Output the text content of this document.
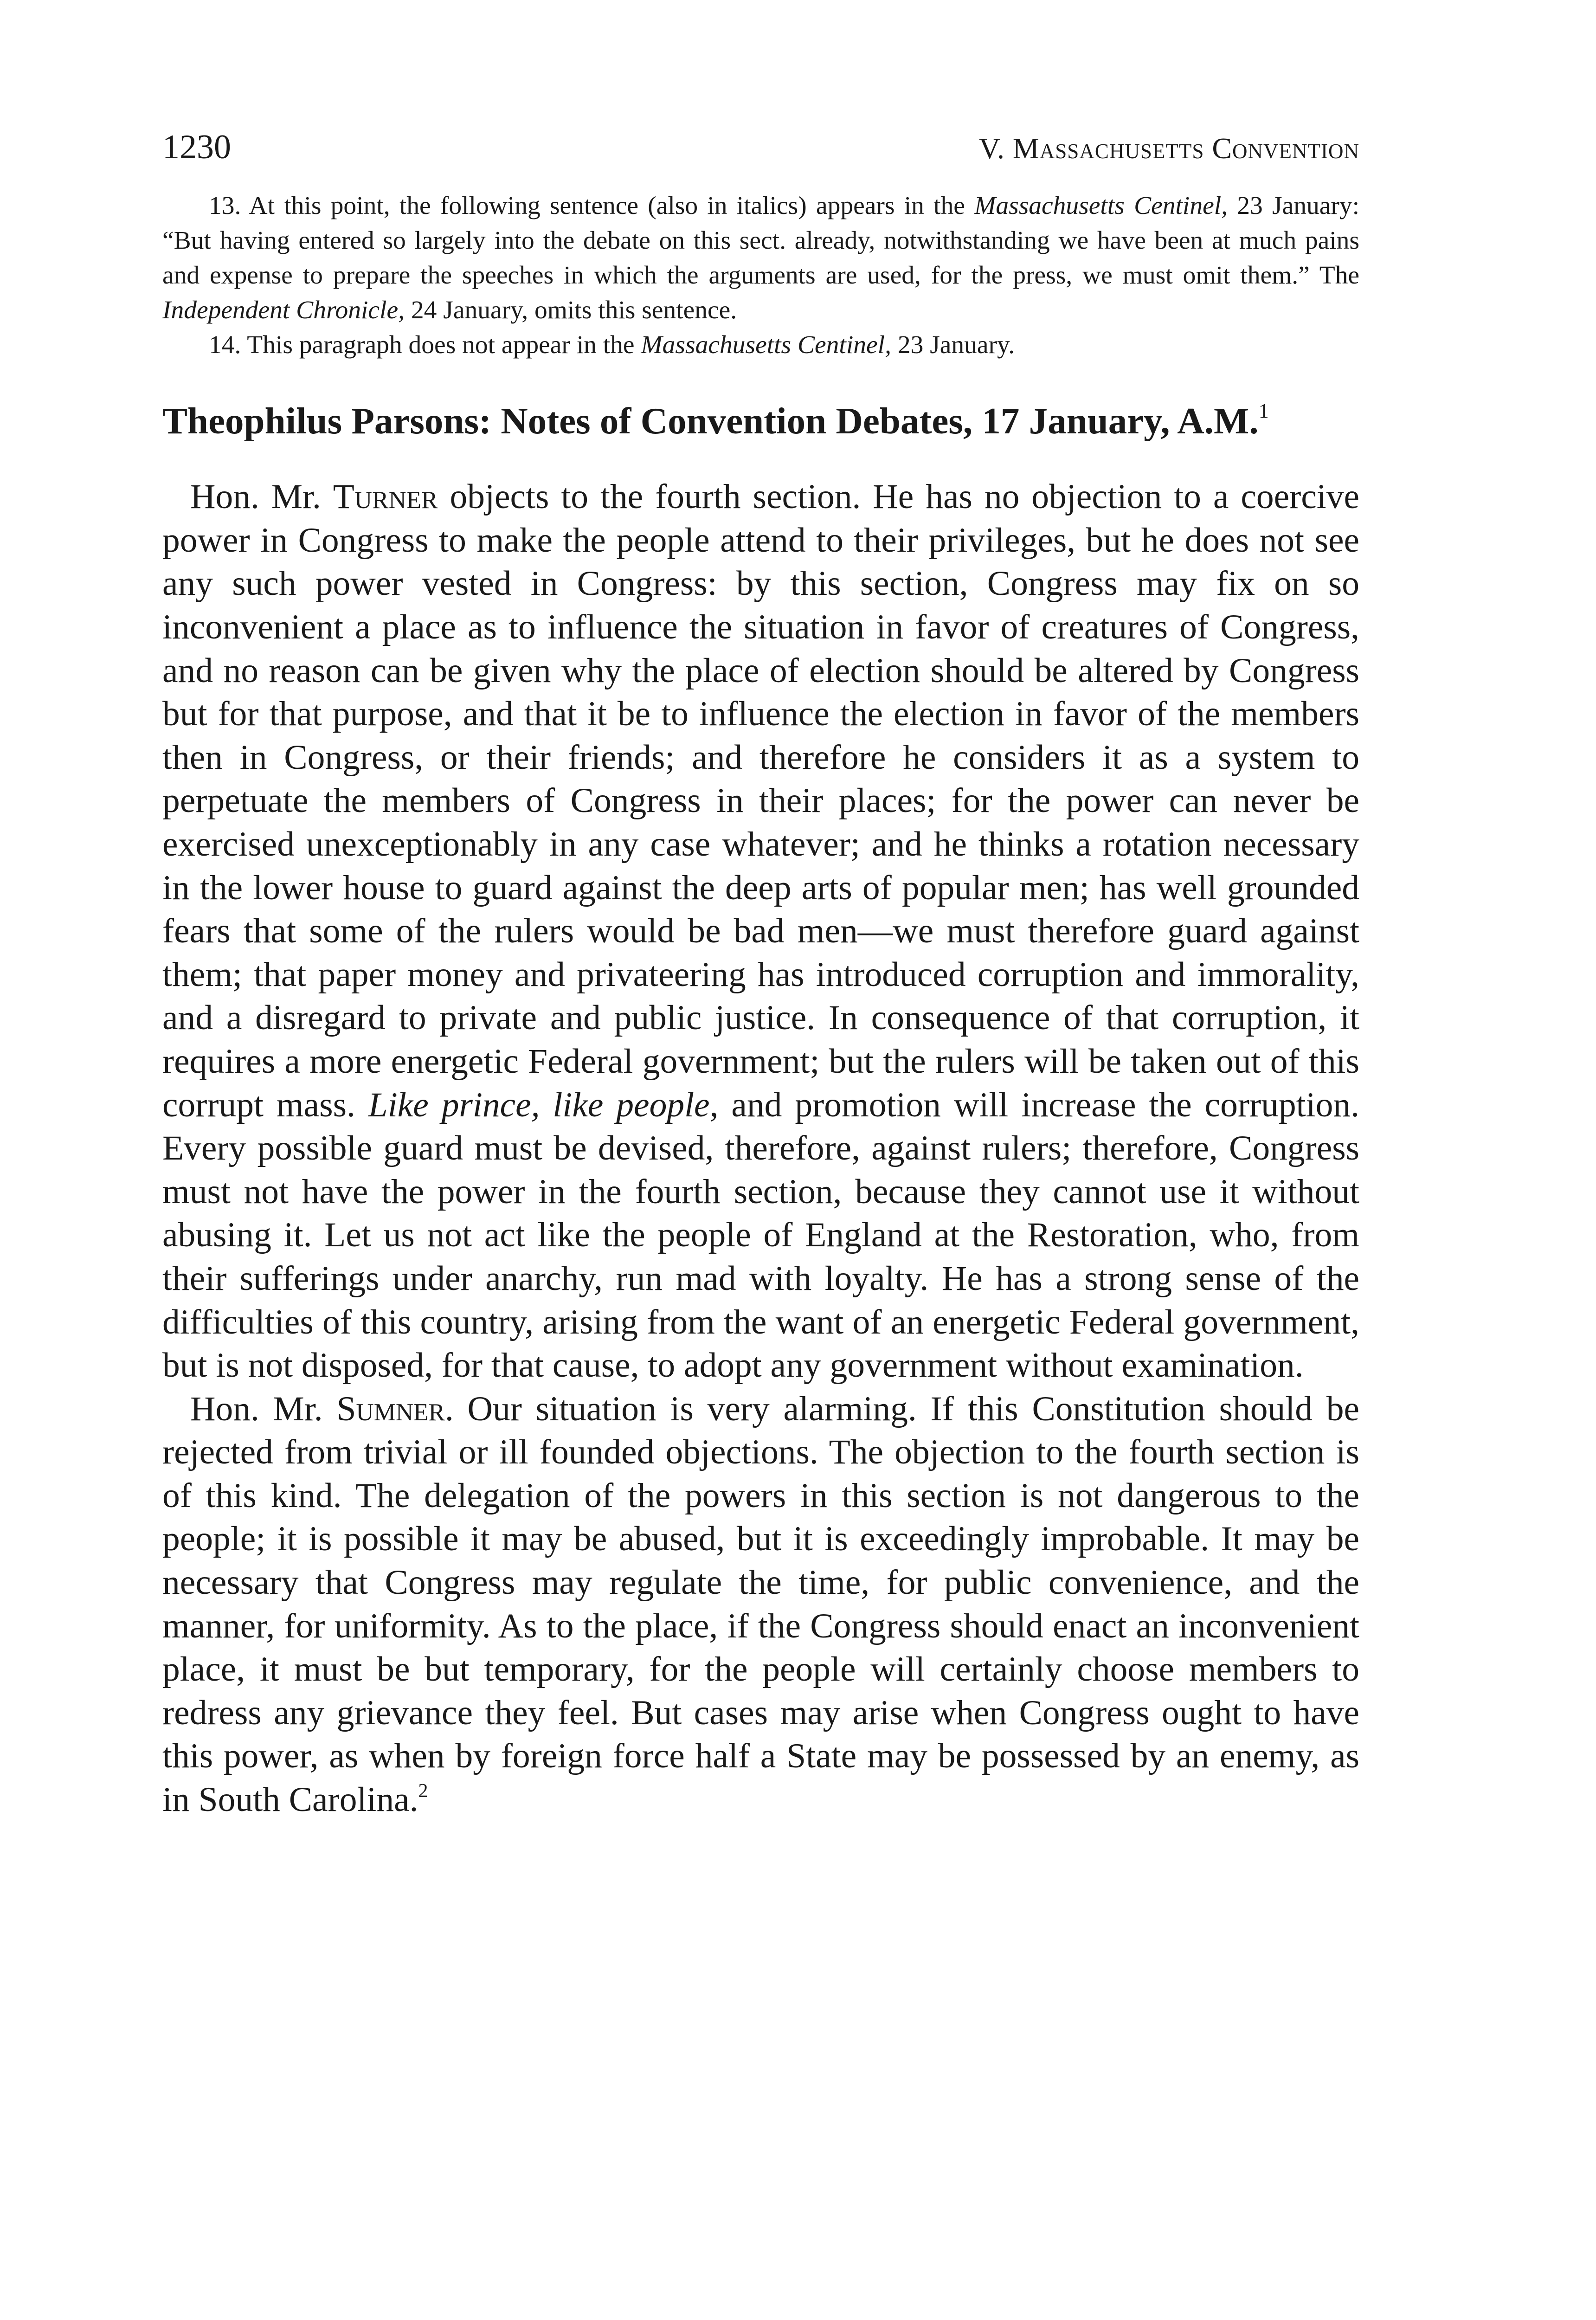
1230	V. Massachusetts Convention

13. At this point, the following sentence (also in italics) appears in the Massachusetts Centinel, 23 January: “But having entered so largely into the debate on this sect. already, notwithstanding we have been at much pains and expense to prepare the speeches in which the arguments are used, for the press, we must omit them.” The Independent Chronicle, 24 January, omits this sentence.

14. This paragraph does not appear in the Massachusetts Centinel, 23 January.

Theophilus Parsons: Notes of Convention Debates, 17 January, A.M.$^1$

Hon. Mr. Turner objects to the fourth section. He has no objection to a coercive power in Congress to make the people attend to their privileges, but he does not see any such power vested in Congress: by this section, Congress may fix on so inconvenient a place as to influence the situation in favor of creatures of Congress, and no reason can be given why the place of election should be altered by Congress but for that purpose, and that it be to influence the election in favor of the members then in Congress, or their friends; and therefore he considers it as a system to perpetuate the members of Congress in their places; for the power can never be exercised unexceptionably in any case whatever; and he thinks a rotation necessary in the lower house to guard against the deep arts of popular men; has well grounded fears that some of the rulers would be bad men—we must therefore guard against them; that paper money and privateering has introduced corruption and immorality, and a disregard to private and public justice. In consequence of that corruption, it requires a more energetic Federal government; but the rulers will be taken out of this corrupt mass. Like prince, like people, and promotion will increase the corruption. Every possible guard must be devised, therefore, against rulers; therefore, Congress must not have the power in the fourth section, because they cannot use it without abusing it. Let us not act like the people of England at the Restoration, who, from their sufferings under anarchy, run mad with loyalty. He has a strong sense of the difficulties of this country, arising from the want of an energetic Federal government, but is not disposed, for that cause, to adopt any government without examination.

Hon. Mr. Sumner. Our situation is very alarming. If this Constitution should be rejected from trivial or ill founded objections. The objection to the fourth section is of this kind. The delegation of the powers in this section is not dangerous to the people; it is possible it may be abused, but it is exceedingly improbable. It may be necessary that Congress may regulate the time, for public convenience, and the manner, for uniformity. As to the place, if the Congress should enact an inconvenient place, it must be but temporary, for the people will certainly choose members to redress any grievance they feel. But cases may arise when Congress ought to have this power, as when by foreign force half a State may be possessed by an enemy, as in South Carolina.$^2$
